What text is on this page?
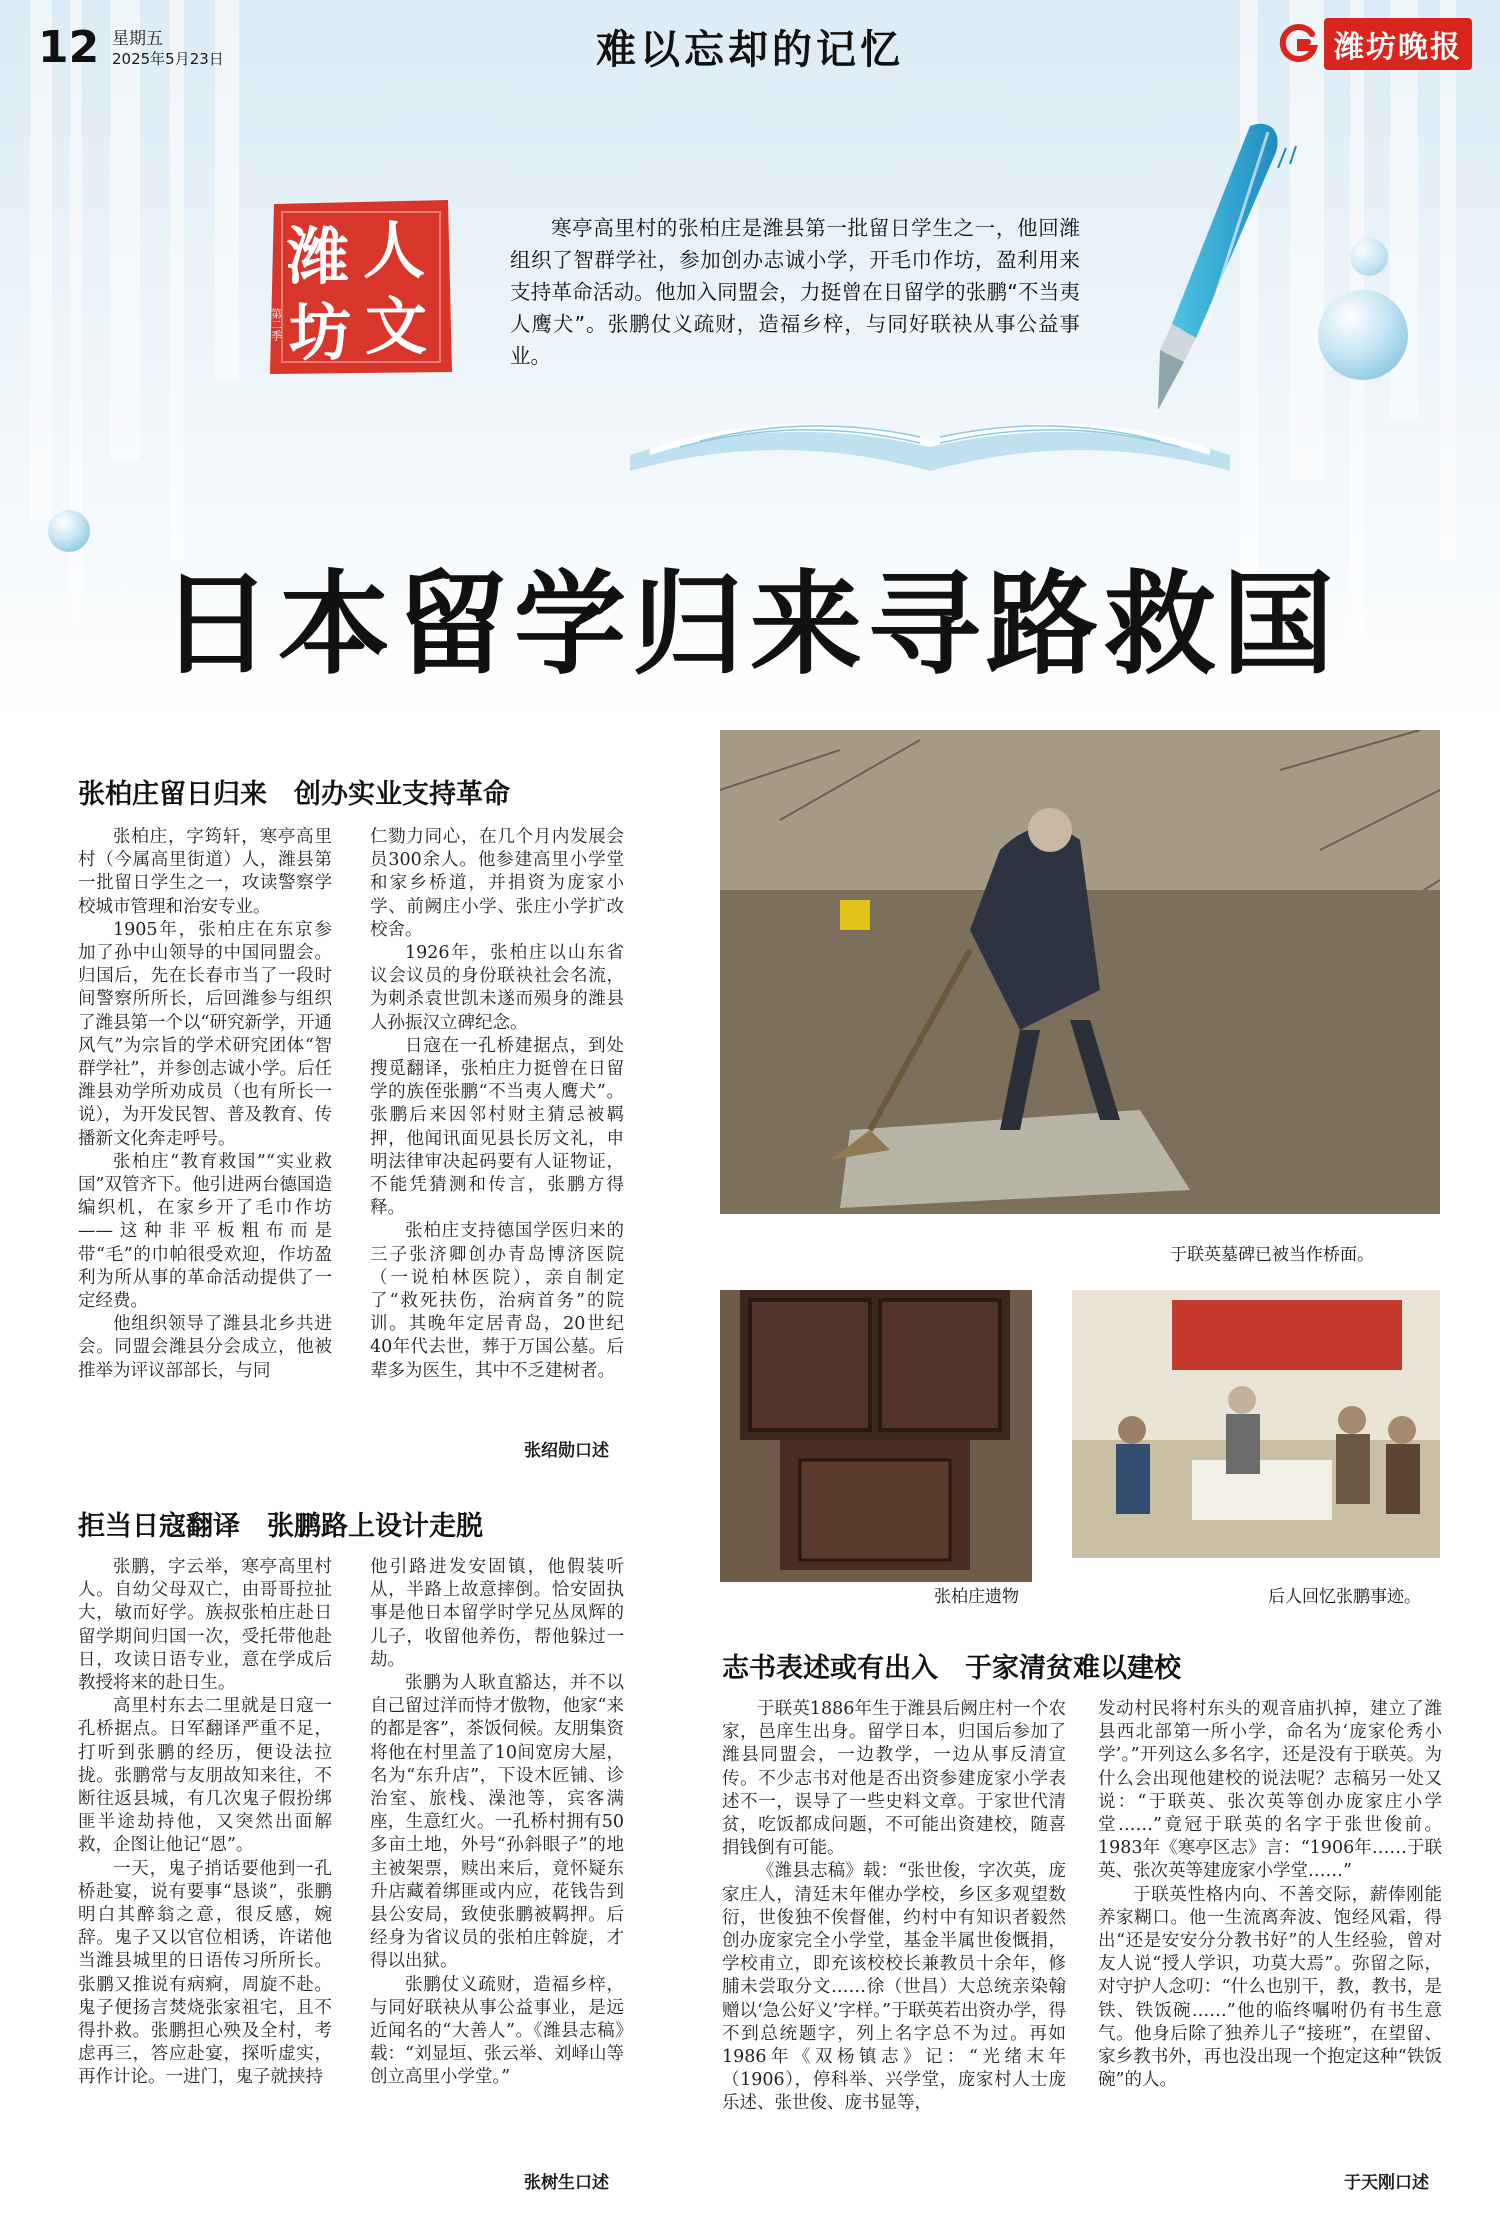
12 星期五
2025年5月23日	难以忘却的记忆	潍坊晚报
潍 人
坊 文
第二季
寒亭高里村的张柏庄是潍县第一批留日学生之一，他回潍组织了智群学社，参加创办志诚小学，开毛巾作坊，盈利用来支持革命活动。他加入同盟会，力挺曾在日留学的张鹏“不当夷人鹰犬”。张鹏仗义疏财，造福乡梓，与同好联袂从事公益事业。
日本留学归来寻路救国
张柏庄留日归来　创办实业支持革命

张柏庄，字筠轩，寒亭高里村（今属高里街道）人，潍县第一批留日学生之一，攻读警察学校城市管理和治安专业。

1905年，张柏庄在东京参加了孙中山领导的中国同盟会。归国后，先在长春市当了一段时间警察所所长，后回潍参与组织了潍县第一个以“研究新学，开通风气”为宗旨的学术研究团体“智群学社”，并参创志诚小学。后任潍县劝学所劝成员（也有所长一说），为开发民智、普及教育、传播新文化奔走呼号。

张柏庄“教育救国”“实业救国”双管齐下。他引进两台德国造编织机，在家乡开了毛巾作坊——这种非平板粗布而是带“毛”的巾帕很受欢迎，作坊盈利为所从事的革命活动提供了一定经费。

他组织领导了潍县北乡共进会。同盟会潍县分会成立，他被推举为评议部部长，与同

仁勠力同心，在几个月内发展会员300余人。他参建高里小学堂和家乡桥道，并捐资为庞家小学、前阙庄小学、张庄小学扩改校舍。

1926年，张柏庄以山东省议会议员的身份联袂社会名流，为刺杀袁世凯未遂而殒身的潍县人孙振汉立碑纪念。

日寇在一孔桥建据点，到处搜觅翻译，张柏庄力挺曾在日留学的族侄张鹏“不当夷人鹰犬”。张鹏后来因邻村财主猜忌被羁押，他闻讯面见县长厉文礼，申明法律审决起码要有人证物证，不能凭猜测和传言，张鹏方得释。

张柏庄支持德国学医归来的三子张济卿创办青岛博济医院（一说柏林医院），亲自制定了“救死扶伤，治病首务”的院训。其晚年定居青岛，20世纪40年代去世，葬于万国公墓。后辈多为医生，其中不乏建树者。

张绍勋口述
拒当日寇翻译　张鹏路上设计走脱

张鹏，字云举，寒亭高里村人。自幼父母双亡，由哥哥拉扯大，敏而好学。族叔张柏庄赴日留学期间归国一次，受托带他赴日，攻读日语专业，意在学成后教授将来的赴日生。

高里村东去二里就是日寇一孔桥据点。日军翻译严重不足，打听到张鹏的经历，便设法拉拢。张鹏常与友朋故知来往，不断往返县城，有几次鬼子假扮绑匪半途劫持他，又突然出面解救，企图让他记“恩”。

一天，鬼子捎话要他到一孔桥赴宴，说有要事“恳谈”，张鹏明白其醉翁之意，很反感，婉辞。鬼子又以官位相诱，许诺他当潍县城里的日语传习所所长。张鹏又推说有病痾，周旋不赴。鬼子便扬言焚烧张家祖宅，且不得扑救。张鹏担心殃及全村，考虑再三，答应赴宴，探听虚实，再作计论。一进门，鬼子就挟持

他引路进发安固镇，他假装听从，半路上故意摔倒。恰安固执事是他日本留学时学兄丛凤辉的儿子，收留他养伤，帮他躲过一劫。

张鹏为人耿直豁达，并不以自己留过洋而恃才傲物，他家“来的都是客”，茶饭伺候。友朋集资将他在村里盖了10间宽房大屋，名为“东升店”，下设木匠铺、诊治室、旅栈、澡池等，宾客满座，生意红火。一孔桥村拥有50多亩土地，外号“孙斜眼子”的地主被架票，赎出来后，竟怀疑东升店藏着绑匪或内应，花钱告到县公安局，致使张鹏被羁押。后经身为省议员的张柏庄斡旋，才得以出狱。

张鹏仗义疏财，造福乡梓，与同好联袂从事公益事业，是远近闻名的“大善人”。《潍县志稿》载：“刘显垣、张云举、刘峄山等创立高里小学堂。”

张树生口述
于联英墓碑已被当作桥面。
张柏庄遗物	后人回忆张鹏事迹。
志书表述或有出入　于家清贫难以建校

于联英1886年生于潍县后阙庄村一个农家，邑庠生出身。留学日本，归国后参加了潍县同盟会，一边教学，一边从事反清宣传。不少志书对他是否出资参建庞家小学表述不一，误导了一些史料文章。于家世代清贫，吃饭都成问题，不可能出资建校，随喜捐钱倒有可能。

《潍县志稿》载：“张世俊，字次英，庞家庄人，清廷末年催办学校，乡区多观望数衍，世俊独不俟督催，约村中有知识者毅然创办庞家完全小学堂，基金半属世俊慨捐，学校甫立，即充该校校长兼教员十余年，修脯未尝取分文……徐（世昌）大总统亲染翰赠以‘急公好义’字样。”于联英若出资办学，得不到总统题字，列上名字总不为过。再如1986年《双杨镇志》记：“光绪末年（1906），停科举、兴学堂，庞家村人士庞乐述、张世俊、庞书显等，

发动村民将村东头的观音庙扒掉，建立了潍县西北部第一所小学，命名为‘庞家伦秀小学’。”开列这么多名字，还是没有于联英。为什么会出现他建校的说法呢？志稿另一处又说：“于联英、张次英等创办庞家庄小学堂……”竟冠于联英的名字于张世俊前。1983年《寒亭区志》言：“1906年……于联英、张次英等建庞家小学堂……”

于联英性格内向、不善交际，薪俸刚能养家糊口。他一生流离奔波、饱经风霜，得出“还是安安分分教书好”的人生经验，曾对友人说“授人学识，功莫大焉”。弥留之际，对守护人念叨：“什么也别干，教，教书，是铁、铁饭碗……”他的临终嘱咐仍有书生意气。他身后除了独养儿子“接班”，在望留、家乡教书外，再也没出现一个抱定这种“铁饭碗”的人。

于天刚口述
